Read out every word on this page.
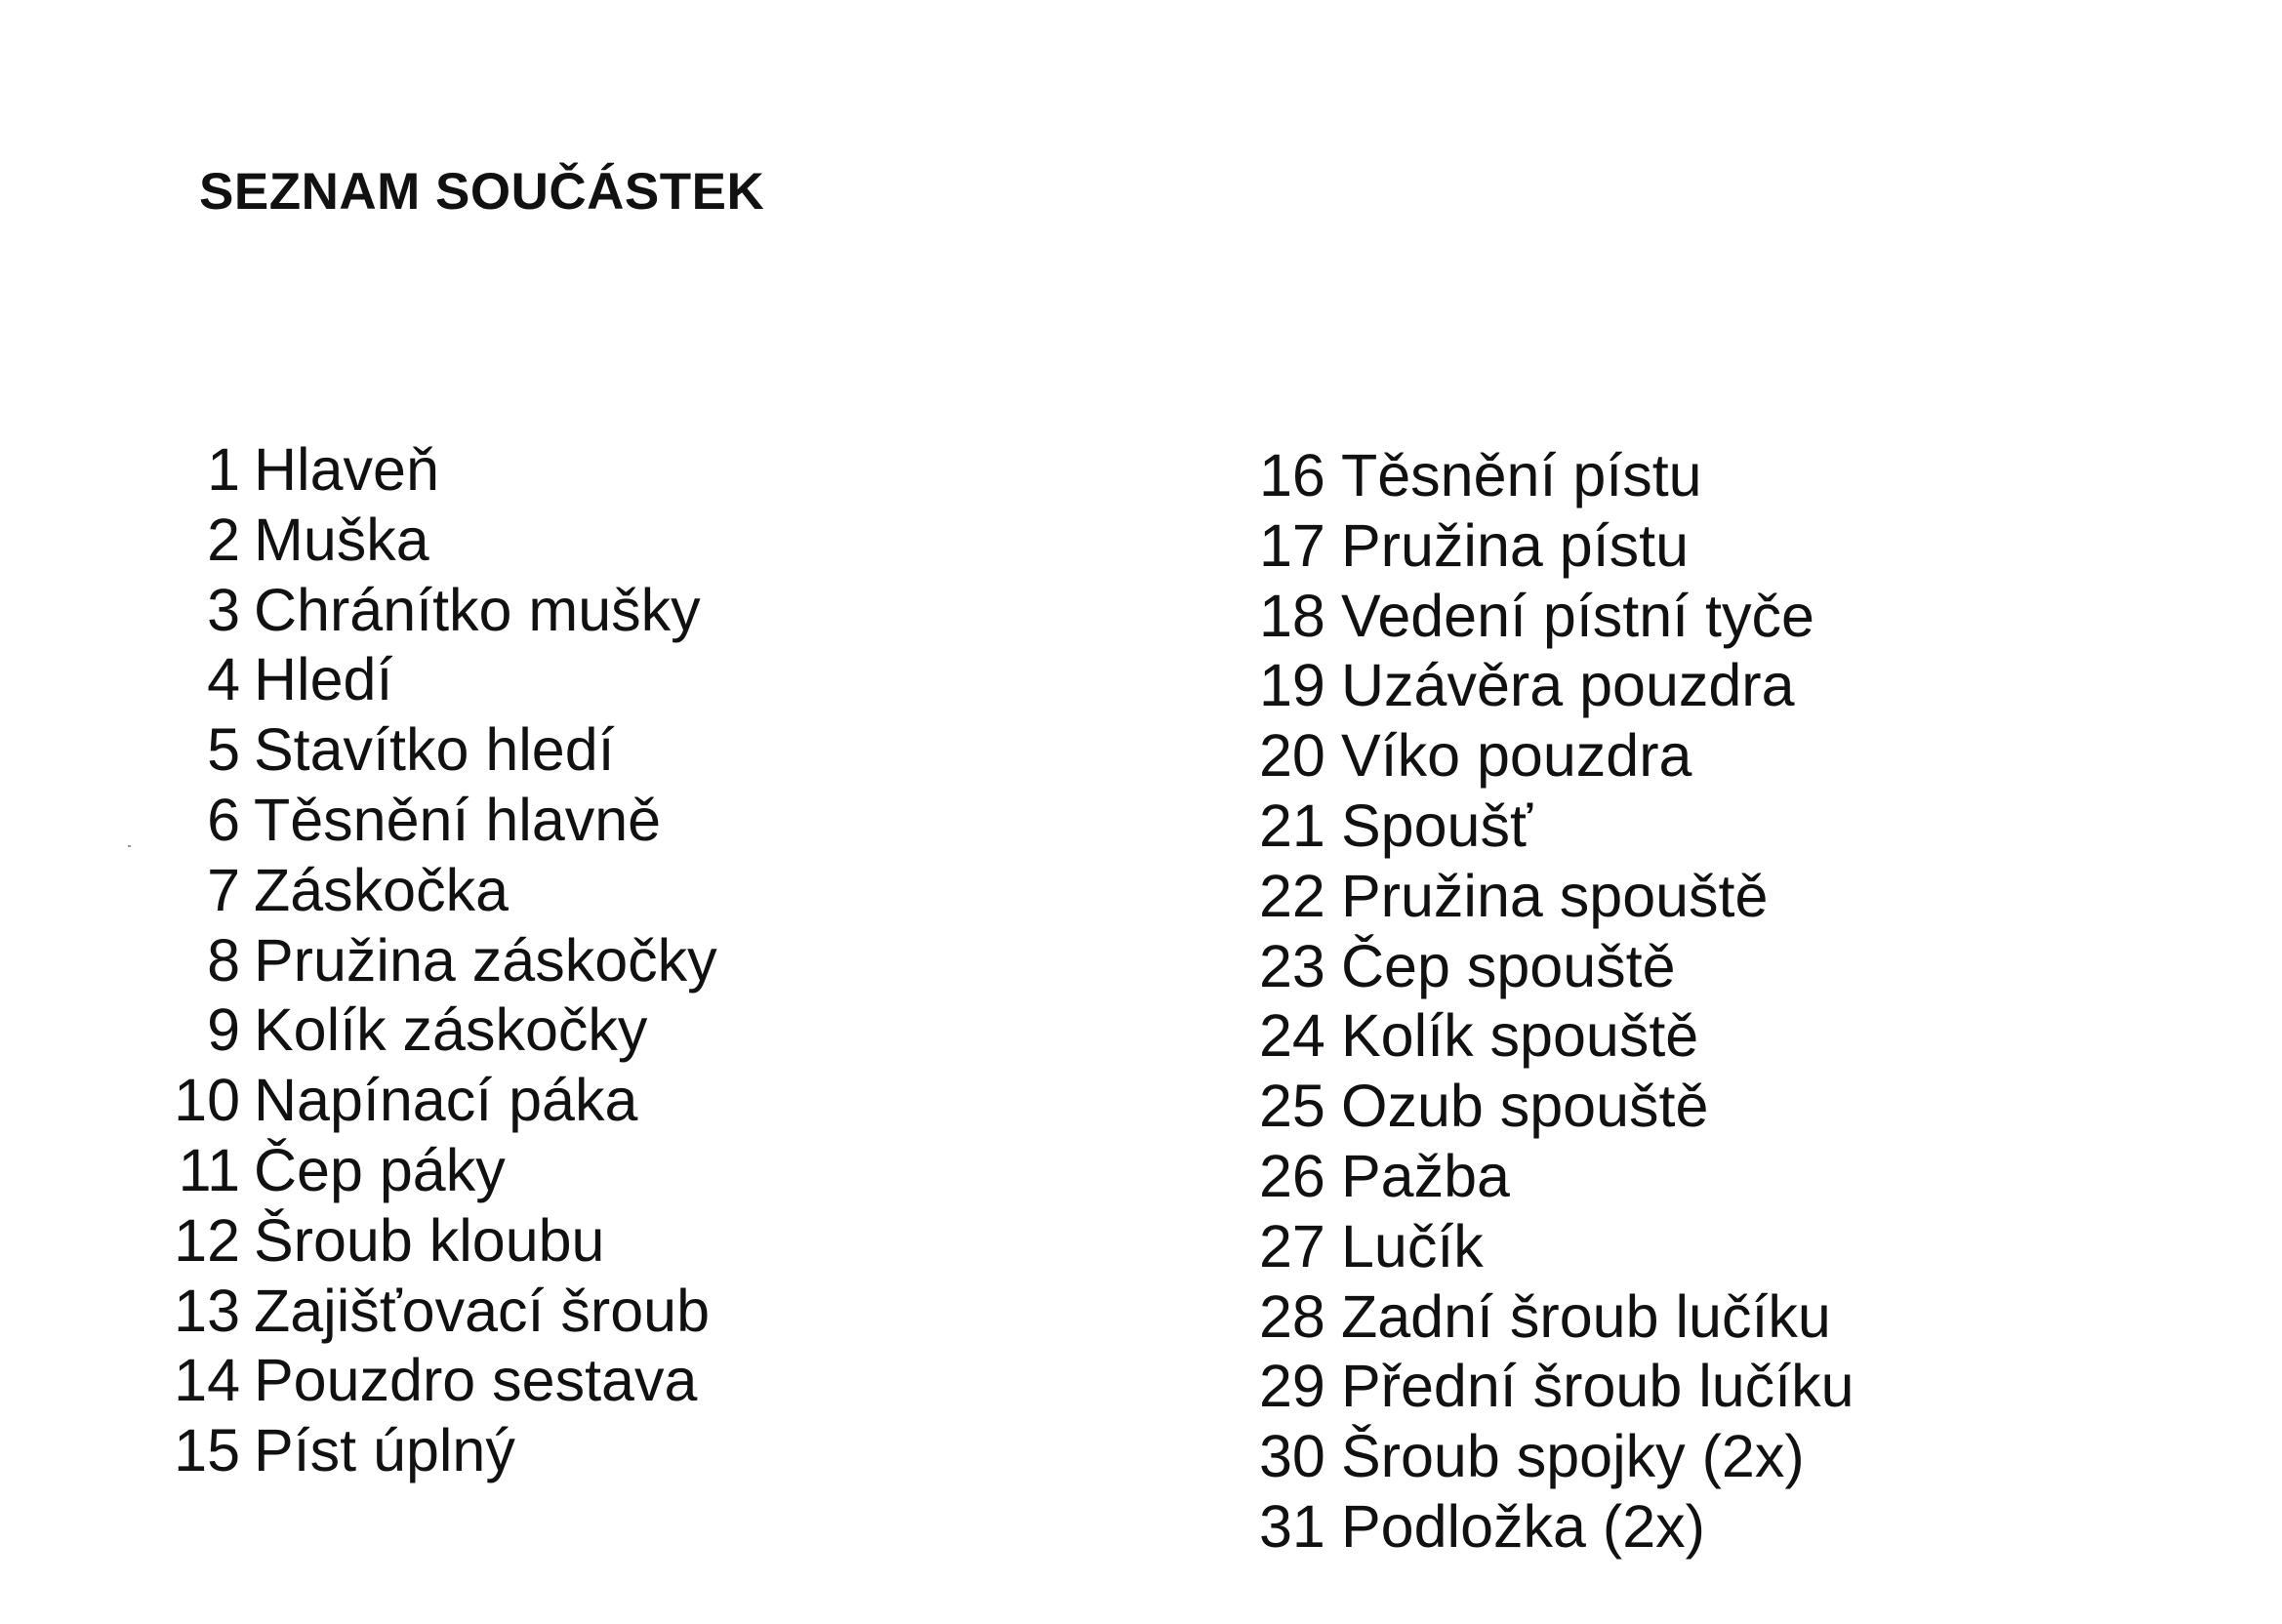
SEZNAM SOUČÁSTEK
1 Hlaveň
2 Muška
3 Chránítko mušky
4 Hledí
5 Stavítko hledí
6 Těsnění hlavně
7 Záskočka
8 Pružina záskočky
9 Kolík záskočky
10 Napínací páka
11 Čep páky
12 Šroub kloubu
13 Zajišťovací šroub
14 Pouzdro sestava
15 Píst úplný
16 Těsnění pístu
17 Pružina pístu
18 Vedení pístní tyče
19 Uzávěra pouzdra
20 Víko pouzdra
21 Spoušť
22 Pružina spouště
23 Čep spouště
24 Kolík spouště
25 Ozub spouště
26 Pažba
27 Lučík
28 Zadní šroub lučíku
29 Přední šroub lučíku
30 Šroub spojky (2x)
31 Podložka (2x)
